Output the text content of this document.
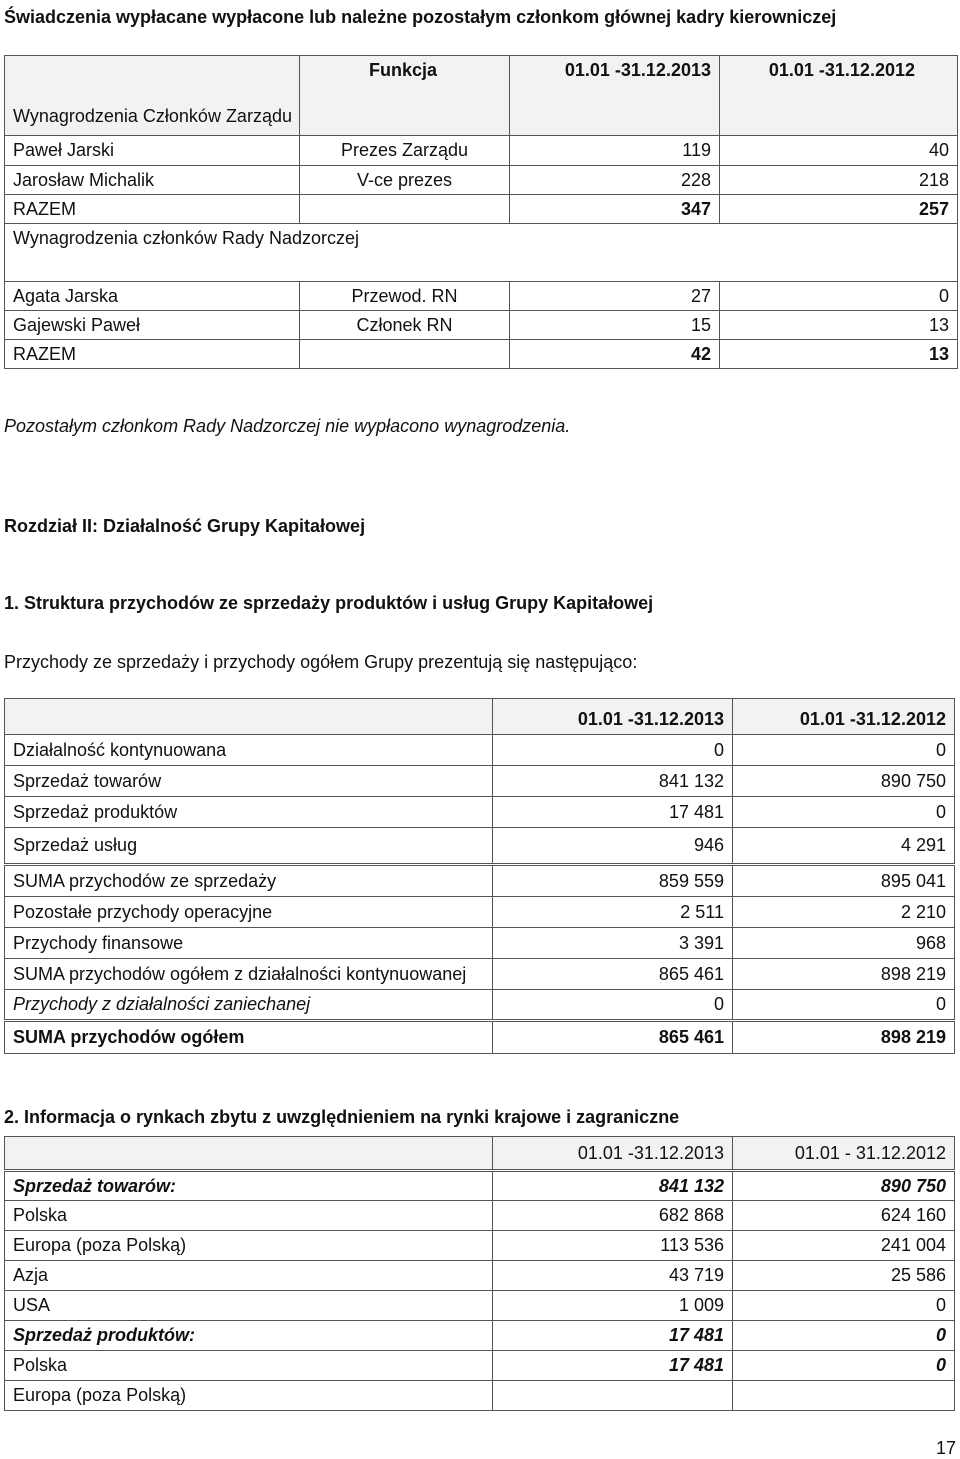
Świadczenia wypłacane wypłacone lub należne pozostałym członkom głównej kadry kierowniczej
Wynagrodzenia Członków Zarządu	Funkcja	01.01 -31.12.2013	01.01 -31.12.2012

Paweł Jarski	Prezes Zarządu	119	40
Jarosław Michalik	V-ce prezes	228	218
RAZEM		347	257
Wynagrodzenia członków Rady Nadzorczej			

Agata Jarska	Przewod. RN	27	0
Gajewski Paweł	Członek RN	15	13
RAZEM		42	13
Pozostałym członkom Rady Nadzorczej nie wypłacono wynagrodzenia.
Rozdział II: Działalność Grupy Kapitałowej
1. Struktura przychodów ze sprzedaży produktów i usług Grupy Kapitałowej
Przychody ze sprzedaży i przychody ogółem Grupy prezentują się następująco:
	01.01 -31.12.2013	01.01 -31.12.2012
Działalność kontynuowana	0	0
Sprzedaż towarów	841 132	890 750
Sprzedaż produktów	17 481	0
Sprzedaż usług	946	4 291
SUMA przychodów ze sprzedaży	859 559	895 041
Pozostałe przychody operacyjne	2 511	2 210
Przychody finansowe	3 391	968
SUMA przychodów ogółem z działalności kontynuowanej	865 461	898 219
Przychody z działalności zaniechanej	0	0
SUMA przychodów ogółem	865 461	898 219
2. Informacja o rynkach zbytu z uwzględnieniem na rynki krajowe i zagraniczne
	01.01 -31.12.2013	01.01 - 31.12.2012
Sprzedaż towarów:	841 132	890 750
Polska	682 868	624 160
Europa (poza Polską)	113 536	241 004
Azja	43 719	25 586
USA	1 009	0
Sprzedaż produktów:	17 481	0
Polska	17 481	0
Europa (poza Polską)		
17
